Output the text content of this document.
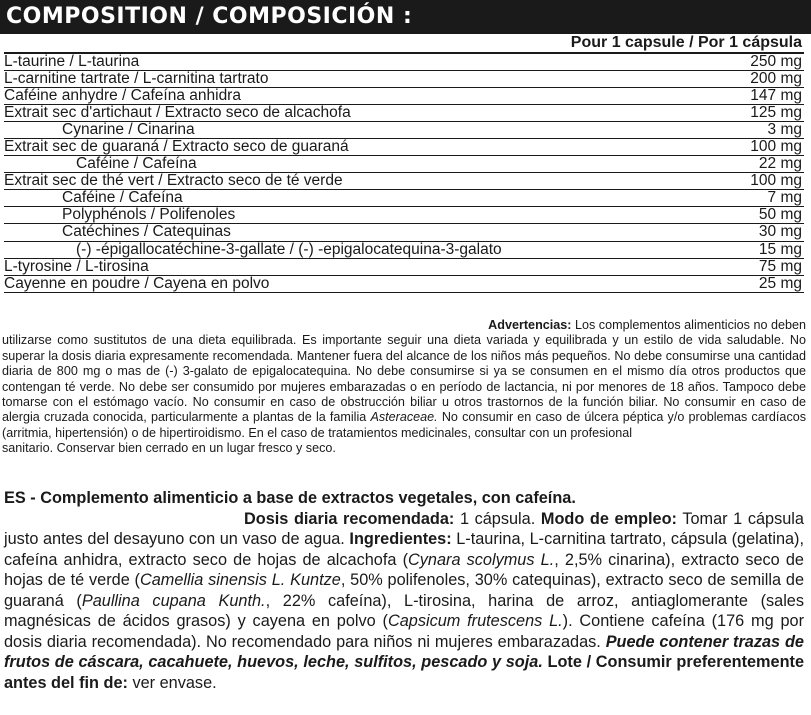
COMPOSITION / COMPOSICIÓN :
Pour 1 capsule / Por 1 cápsula
L-taurine / L-taurina	250 mg
L-carnitine tartrate / L-carnitina tartrato	200 mg
Caféine anhydre / Cafeína anhidra	147 mg
Extrait sec d'artichaut / Extracto seco de alcachofa	125 mg
Cynarine / Cinarina	3 mg
Extrait sec de guaraná / Extracto seco de guaraná	100 mg
Caféine / Cafeína	22 mg
Extrait sec de thé vert / Extracto seco de té verde	100 mg
Caféine / Cafeína	7 mg
Polyphénols / Polifenoles	50 mg
Catéchines / Catequinas	30 mg
(-) -épigallocatéchine-3-gallate / (-) -epigalocatequina-3-galato	15 mg
L-tyrosine / L-tirosina	75 mg
Cayenne en poudre / Cayena en polvo	25 mg

Advertencias: Los complementos alimenticios no deben

utilizarse como sustitutos de una dieta equilibrada. Es importante seguir una dieta variada y equilibrada y un estilo de vida saludable. No superar la dosis diaria expresamente recomendada. Mantener fuera del alcance de los niños más pequeños. No debe consumirse una cantidad diaria de 800 mg o mas de (-) 3-galato de epigalocatequina. No debe consumirse si ya se consumen en el mismo día otros productos que contengan té verde. No debe ser consumido por mujeres embarazadas o en período de lactancia, ni por menores de 18 años. Tampoco debe tomarse con el estómago vacío. No consumir en caso de obstrucción biliar u otros trastornos de la función biliar. No consumir en caso de alergia cruzada conocida, particularmente a plantas de la familia Asteraceae. No consumir en caso de úlcera péptica y/o problemas cardíacos (arritmia, hipertensión) o de hipertiroidismo. En el caso de tratamientos medicinales, consultar con un profesional

sanitario. Conservar bien cerrado en un lugar fresco y seco.

ES - Complemento alimenticio a base de extractos vegetales, con cafeína.

Dosis diaria recomendada: 1 cápsula. Modo de empleo: Tomar 1 cápsula justo antes del desayuno con un vaso de agua. Ingredientes: L-taurina, L-carnitina tartrato, cápsula (gelatina), cafeína anhidra, extracto seco de hojas de alcachofa (Cynara scolymus L., 2,5% cinarina), extracto seco de hojas de té verde (Camellia sinensis L. Kuntze, 50% polifenoles, 30% catequinas), extracto seco de semilla de guaraná (Paullina cupana Kunth., 22% cafeína), L-tirosina, harina de arroz, antiaglomerante (sales magnésicas de ácidos grasos) y cayena en polvo (Capsicum frutescens L.). Contiene cafeína (176 mg por dosis diaria recomendada). No recomendado para niños ni mujeres embarazadas. Puede contener trazas de frutos de cáscara, cacahuete, huevos, leche, sulfitos, pescado y soja. Lote / Consumir preferentemente antes del fin de: ver envase.
